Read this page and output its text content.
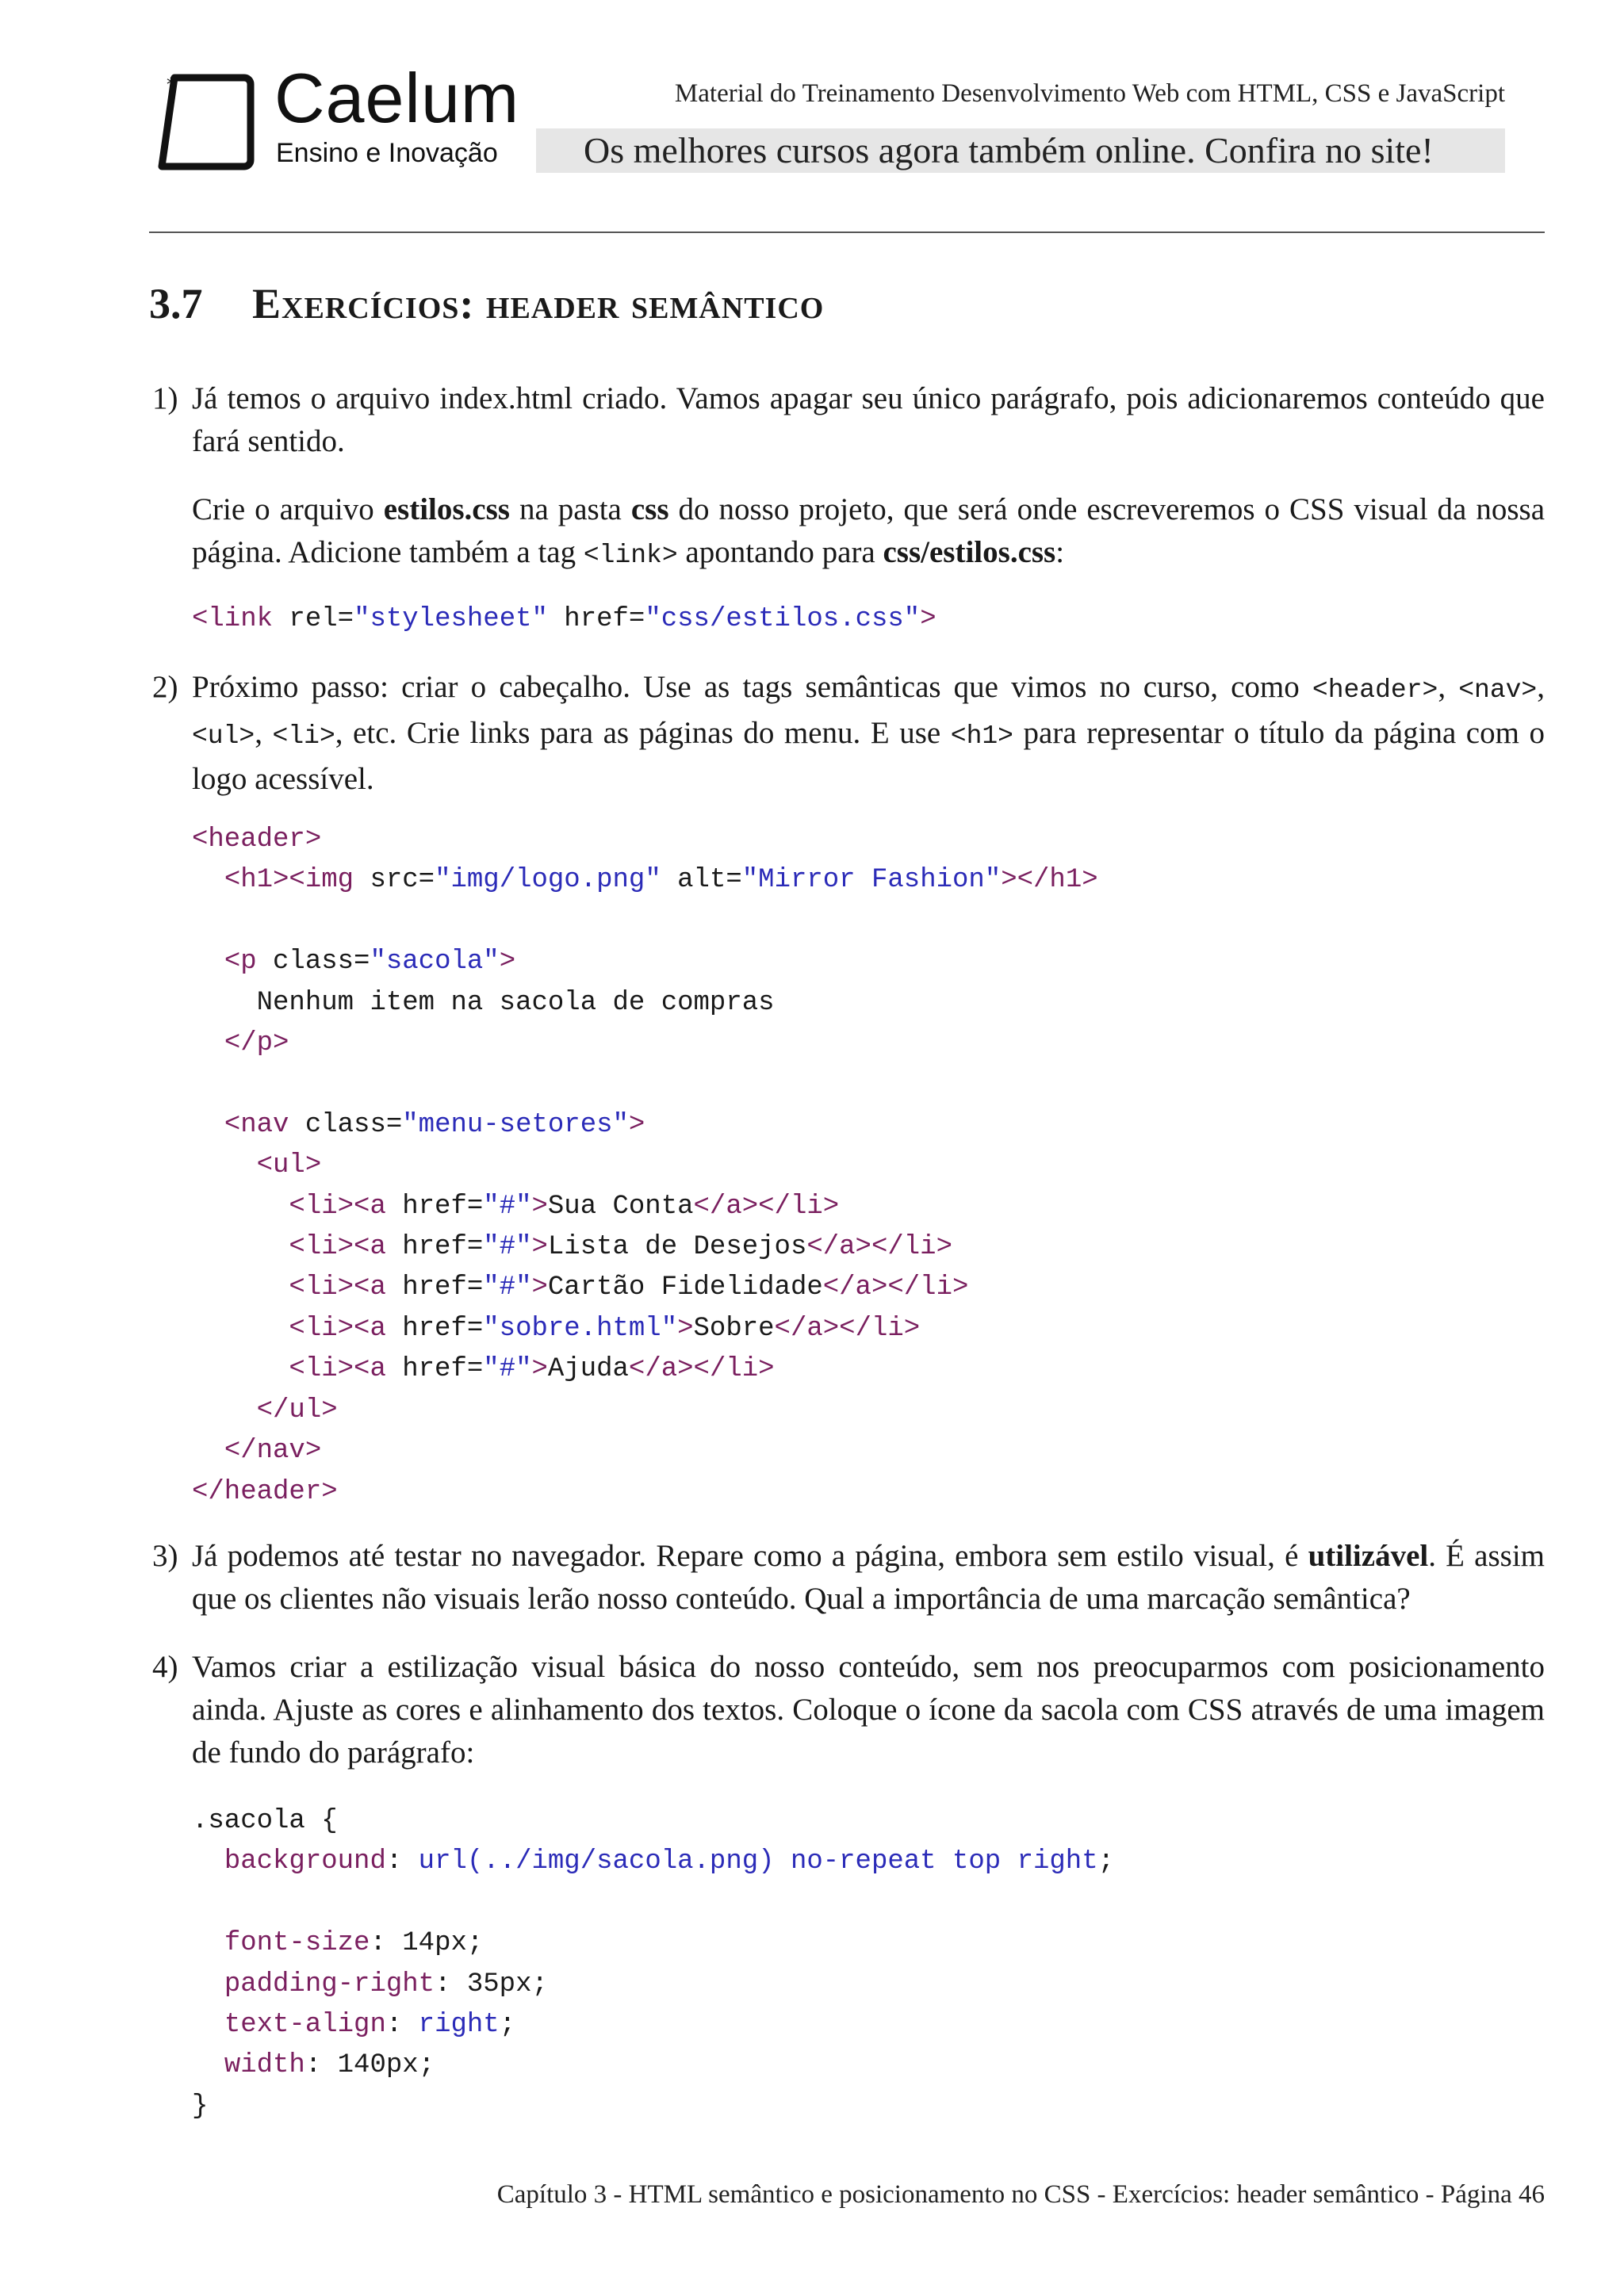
* Caelum
Ensino e Inovação
Material do Treinamento Desenvolvimento Web com HTML, CSS e JavaScript
Os melhores cursos agora também online. Confira no site!
3.7 Exercícios: header semântico
1) Já temos o arquivo index.html criado. Vamos apagar seu único parágrafo, pois adicionaremos conteúdo que fará sentido.
Crie o arquivo estilos.css na pasta css do nosso projeto, que será onde escreveremos o CSS visual da nossa página. Adicione também a tag <link> apontando para css/estilos.css:
<link rel="stylesheet" href="css/estilos.css">
2) Próximo passo: criar o cabeçalho. Use as tags semânticas que vimos no curso, como <header>, <nav>, <ul>, <li>, etc. Crie links para as páginas do menu. E use <h1> para representar o título da página com o logo acessível.
<header>
<h1><img src="img/logo.png" alt="Mirror Fashion"></h1>

<p class="sacola">
Nenhum item na sacola de compras
</p>

<nav class="menu-setores">
<ul>
<li><a href="#">Sua Conta</a></li>
<li><a href="#">Lista de Desejos</a></li>
<li><a href="#">Cartão Fidelidade</a></li>
<li><a href="sobre.html">Sobre</a></li>
<li><a href="#">Ajuda</a></li>
</ul>
</nav>
</header>
3) Já podemos até testar no navegador. Repare como a página, embora sem estilo visual, é utilizável. É assim que os clientes não visuais lerão nosso conteúdo. Qual a importância de uma marcação semântica?
4) Vamos criar a estilização visual básica do nosso conteúdo, sem nos preocuparmos com posicionamento ainda. Ajuste as cores e alinhamento dos textos. Coloque o ícone da sacola com CSS através de uma imagem de fundo do parágrafo:
.sacola {
background: url(../img/sacola.png) no-repeat top right;

font-size: 14px;
padding-right: 35px;
text-align: right;
width: 140px;
}
Capítulo 3 - HTML semântico e posicionamento no CSS - Exercícios: header semântico - Página 46
